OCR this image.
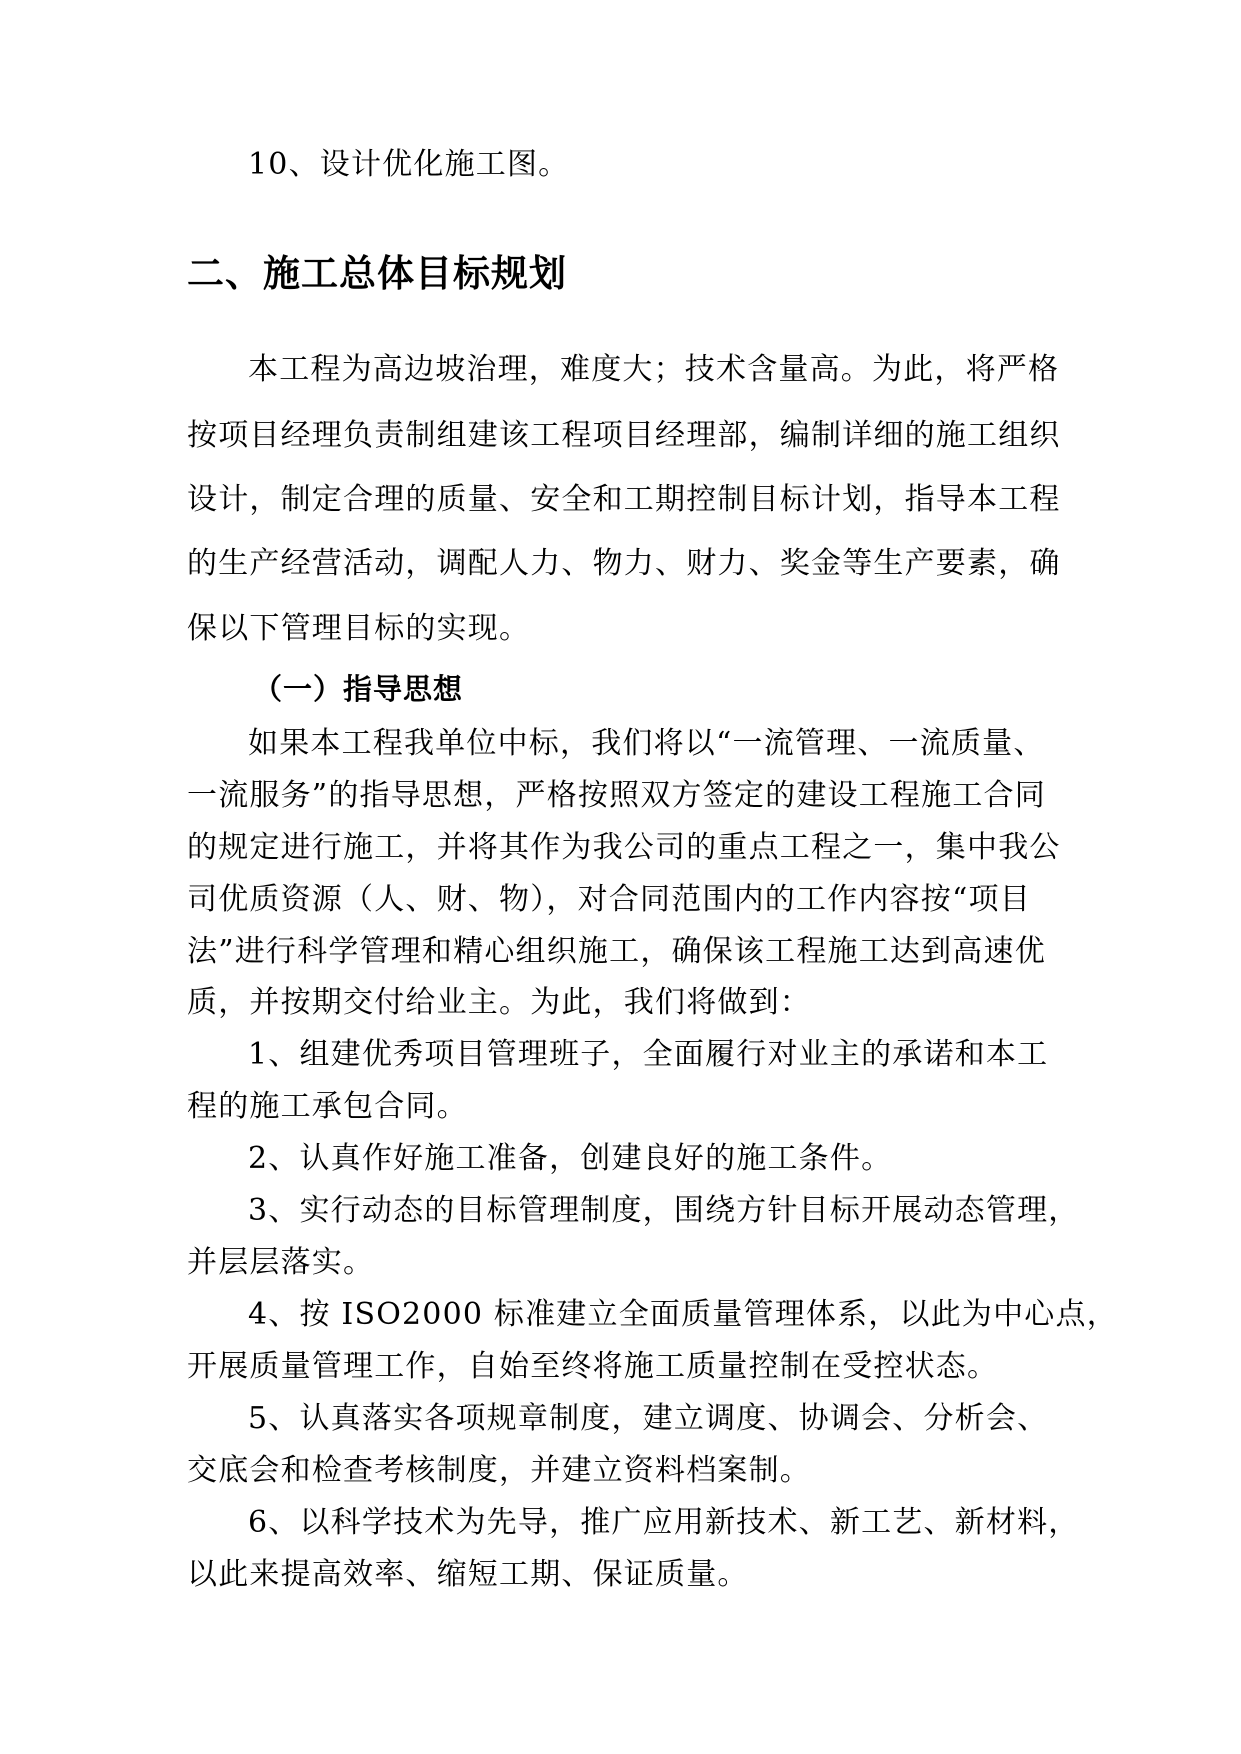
10、设计优化施工图。
二、施工总体目标规划
本工程为高边坡治理，难度大；技术含量高。为此，将严格
按项目经理负责制组建该工程项目经理部，编制详细的施工组织
设计，制定合理的质量、安全和工期控制目标计划，指导本工程
的生产经营活动，调配人力、物力、财力、奖金等生产要素，确
保以下管理目标的实现。
（一）指导思想
如果本工程我单位中标，我们将以“一流管理、一流质量、
一流服务”的指导思想，严格按照双方签定的建设工程施工合同
的规定进行施工，并将其作为我公司的重点工程之一，集中我公
司优质资源（人、财、物），对合同范围内的工作内容按“项目
法”进行科学管理和精心组织施工，确保该工程施工达到高速优
质，并按期交付给业主。为此，我们将做到：
1、组建优秀项目管理班子，全面履行对业主的承诺和本工
程的施工承包合同。
2、认真作好施工准备，创建良好的施工条件。
3、实行动态的目标管理制度，围绕方针目标开展动态管理，
并层层落实。
4、按 ISO2000 标准建立全面质量管理体系，以此为中心点，
开展质量管理工作，自始至终将施工质量控制在受控状态。
5、认真落实各项规章制度，建立调度、协调会、分析会、
交底会和检查考核制度，并建立资料档案制。
6、以科学技术为先导，推广应用新技术、新工艺、新材料，
以此来提高效率、缩短工期、保证质量。
